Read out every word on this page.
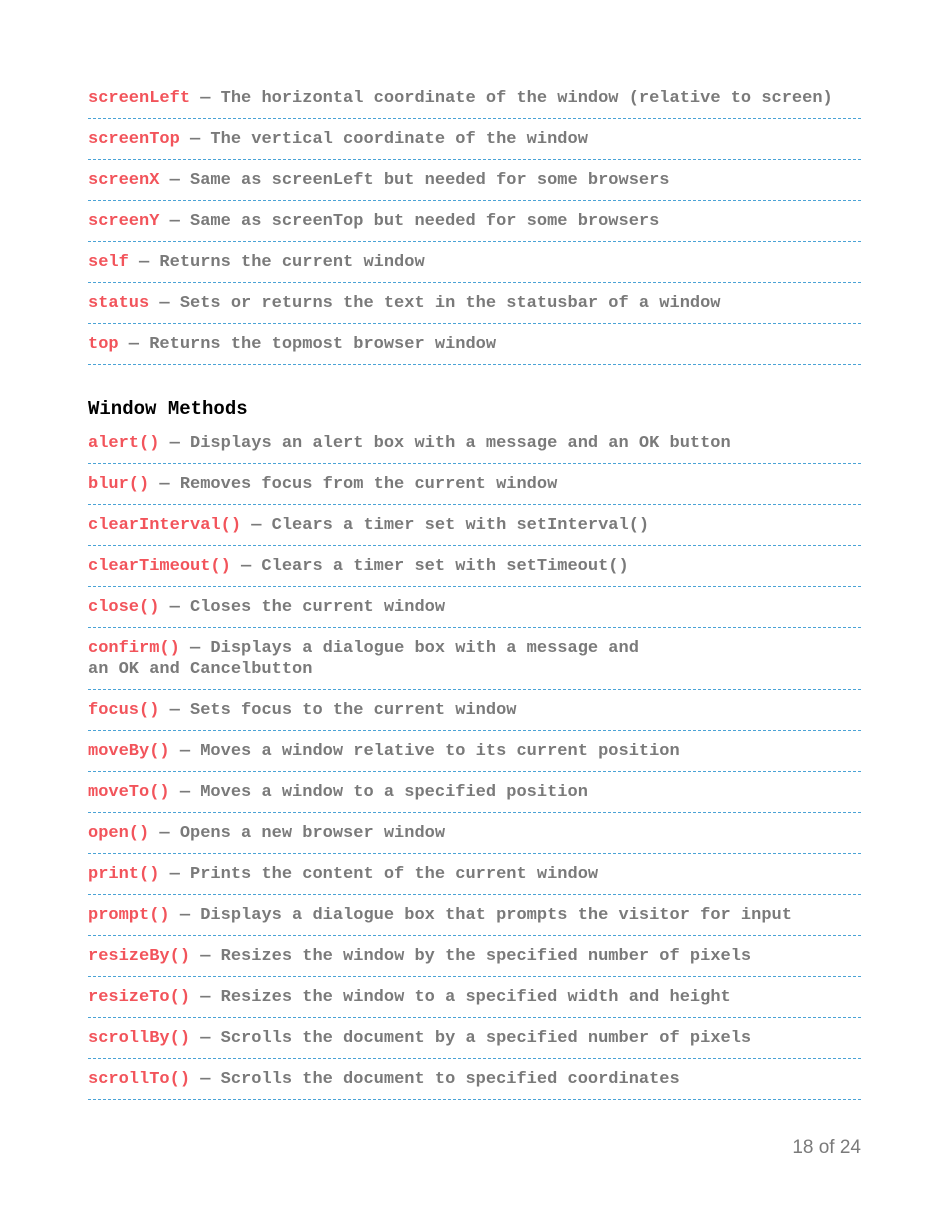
screenLeft — The horizontal coordinate of the window (relative to screen)
screenTop — The vertical coordinate of the window
screenX — Same as screenLeft but needed for some browsers
screenY — Same as screenTop but needed for some browsers
self — Returns the current window
status — Sets or returns the text in the statusbar of a window
top — Returns the topmost browser window
Window Methods
alert() — Displays an alert box with a message and an OK button
blur() — Removes focus from the current window
clearInterval() — Clears a timer set with setInterval()
clearTimeout() — Clears a timer set with setTimeout()
close() — Closes the current window
confirm() — Displays a dialogue box with a message and
an OK and Cancelbutton
focus() — Sets focus to the current window
moveBy() — Moves a window relative to its current position
moveTo() — Moves a window to a specified position
open() — Opens a new browser window
print() — Prints the content of the current window
prompt() — Displays a dialogue box that prompts the visitor for input
resizeBy() — Resizes the window by the specified number of pixels
resizeTo() — Resizes the window to a specified width and height
scrollBy() — Scrolls the document by a specified number of pixels
scrollTo() — Scrolls the document to specified coordinates
18 of 24
